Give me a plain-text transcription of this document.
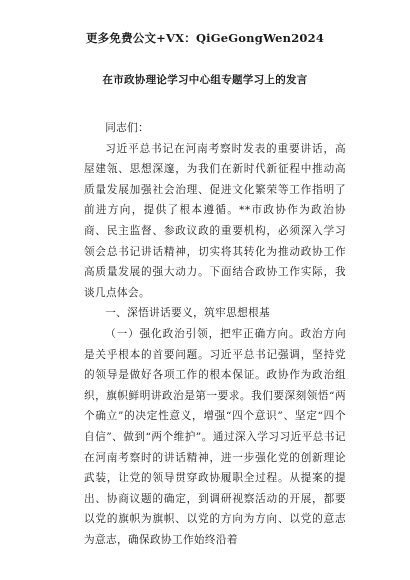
更多免费公文+VX：QiGeGongWen2024
在市政协理论学习中心组专题学习上的发言

同志们：

习近平总书记在河南考察时发表的重要讲话，高屋建瓴、思想深邃，为我们在新时代新征程中推动高质量发展加强社会治理、促进文化繁荣等工作指明了前进方向，提供了根本遵循。**市政协作为政治协商、民主监督、参政议政的重要机构，必须深入学习领会总书记讲话精神，切实将其转化为推动政协工作高质量发展的强大动力。下面结合政协工作实际，我谈几点体会。

一、深悟讲话要义，筑牢思想根基

（一）强化政治引领，把牢正确方向。政治方向是关乎根本的首要问题。习近平总书记强调，坚持党的领导是做好各项工作的根本保证。政协作为政治组织，旗帜鲜明讲政治是第一要求。我们要深刻领悟“两个确立”的决定性意义，增强“四个意识”、坚定“四个自信”、做到“两个维护”。通过深入学习习近平总书记在河南考察时的讲话精神，进一步强化党的创新理论武装，让党的领导贯穿政协履职全过程。从提案的提出、协商议题的确定，到调研视察活动的开展，都要以党的旗帜为旗帜、以党的方向为方向、以党的意志为意志，确保政协工作始终沿着
